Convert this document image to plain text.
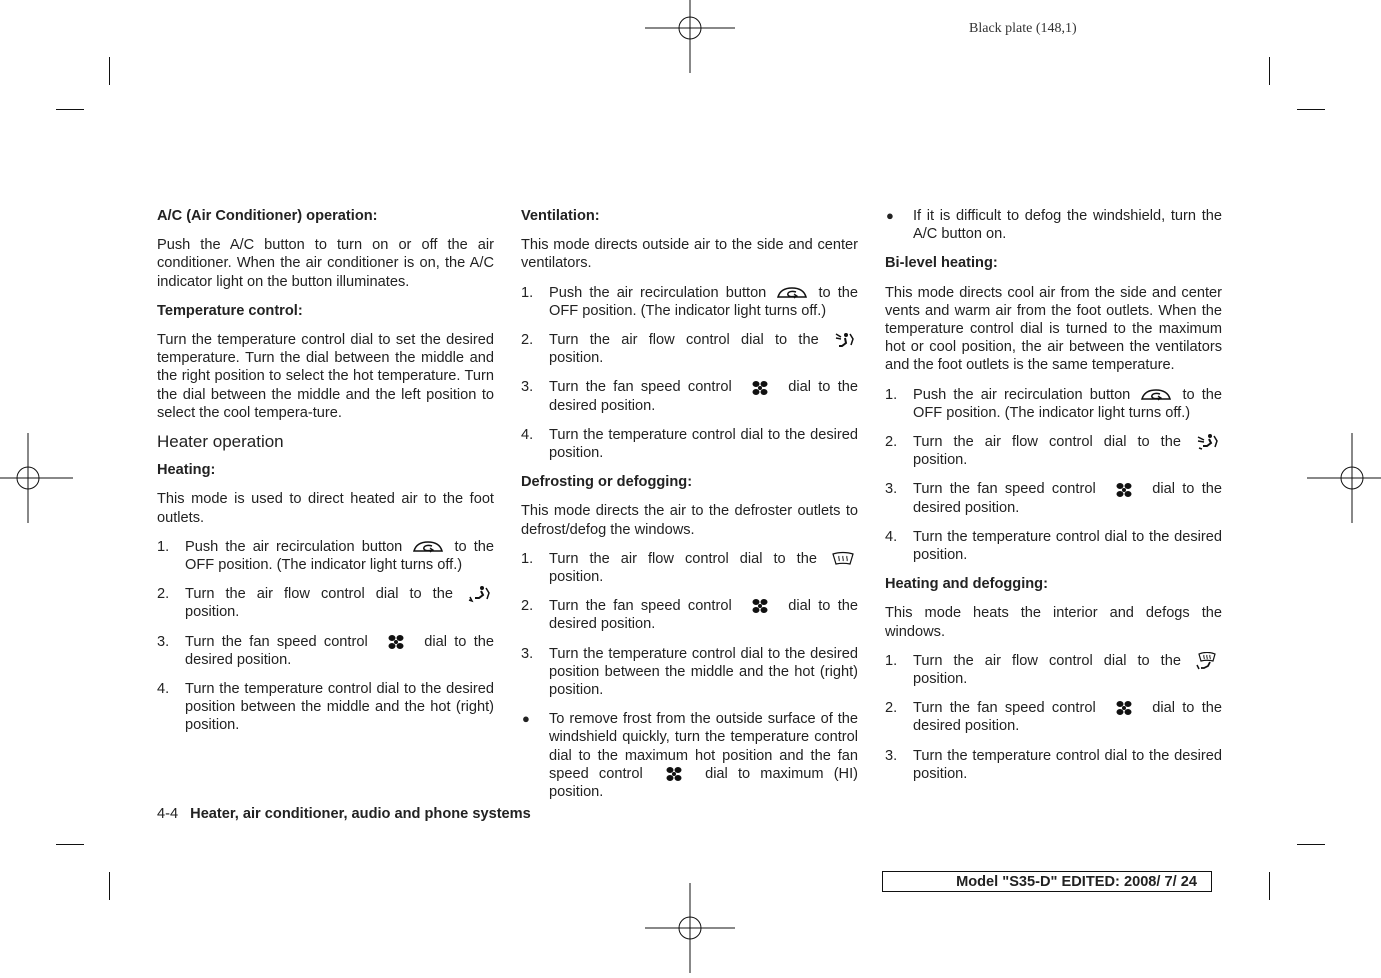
Black plate (148,1)
A/C (Air Conditioner) operation:
Push the A/C button to turn on or off the air conditioner. When the air conditioner is on, the A/C indicator light on the button illuminates.
Temperature control:
Turn the temperature control dial to set the desired temperature. Turn the dial between the middle and the right position to select the hot temperature. Turn the dial between the middle and the left position to select the cool tempera-ture.
Heater operation
Heating:
This mode is used to direct heated air to the foot outlets.
1. Push the air recirculation button	to the OFF position. (The indicator light turns off.)
2. Turn the air flow control dial to the
position.
3. Turn the fan speed control	dial to the desired position.
4. Turn the temperature control dial to the desired position between the middle and the hot (right) position.
Ventilation:
This mode directs outside air to the side and center ventilators.
1. Push the air recirculation button	to the OFF position. (The indicator light turns off.)
2. Turn the air flow control dial to the
position.
3. Turn the fan speed control	dial to the desired position.
4. Turn the temperature control dial to the desired position.
Defrosting or defogging:
This mode directs the air to the defroster outlets to defrost/defog the windows.
1. Turn the air flow control dial to the
position.
2. Turn the fan speed control	dial to the desired position.
3. Turn the temperature control dial to the desired position between the middle and the hot (right) position.
● To remove frost from the outside surface of the windshield quickly, turn the temperature control dial to the maximum hot position and the fan speed control	dial to maximum (HI) position.
● If it is difficult to defog the windshield, turn the A/C button on.
Bi-level heating:
This mode directs cool air from the side and center vents and warm air from the foot outlets. When the temperature control dial is turned to the maximum hot or cool position, the air between the ventilators and the foot outlets is the same temperature.
1. Push the air recirculation button	to the OFF position. (The indicator light turns off.)
2. Turn the air flow control dial to the
position.
3. Turn the fan speed control	dial to the desired position.
4. Turn the temperature control dial to the desired position.
Heating and defogging:
This mode heats the interior and defogs the windows.
1. Turn the air flow control dial to the
position.
2. Turn the fan speed control	dial to the desired position.
3. Turn the temperature control dial to the desired position.
4-4 Heater, air conditioner, audio and phone systems
Model "S35-D" EDITED: 2008/ 7/ 24
